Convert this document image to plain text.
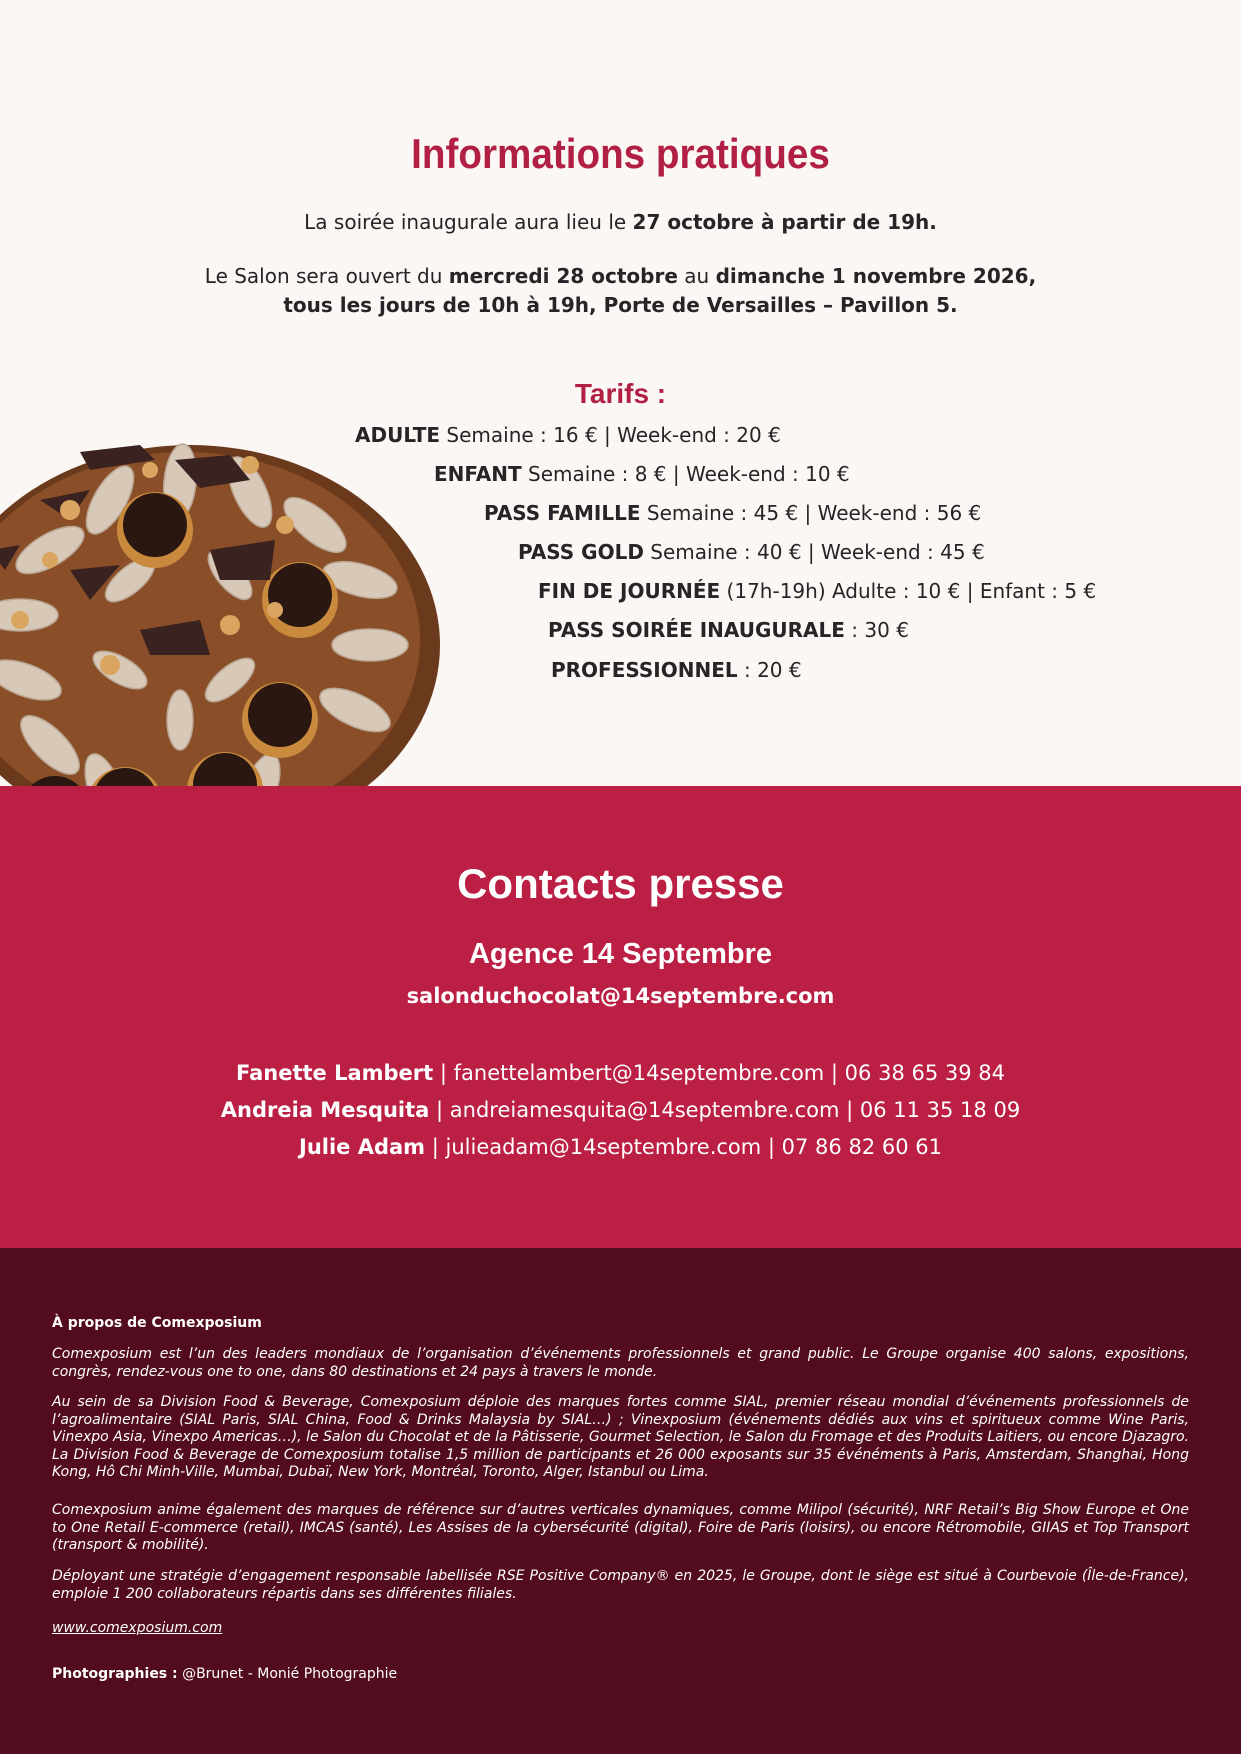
Informations pratiques
La soirée inaugurale aura lieu le 27 octobre à partir de 19h.
Le Salon sera ouvert du mercredi 28 octobre au dimanche 1 novembre 2026,
tous les jours de 10h à 19h, Porte de Versailles – Pavillon 5.
Tarifs :
ADULTE Semaine : 16 € | Week-end : 20 €
ENFANT Semaine : 8 € | Week-end : 10 €
PASS FAMILLE Semaine : 45 € | Week-end : 56 €
PASS GOLD Semaine : 40 € | Week-end : 45 €
FIN DE JOURNÉE (17h-19h) Adulte : 10 € | Enfant : 5 €
PASS SOIRÉE INAUGURALE : 30 €
PROFESSIONNEL : 20 €
Contacts presse
Agence 14 Septembre
salonduchocolat@14septembre.com
Fanette Lambert | fanettelambert@14septembre.com | 06 38 65 39 84
Andreia Mesquita | andreiamesquita@14septembre.com | 06 11 35 18 09
Julie Adam | julieadam@14septembre.com | 07 86 82 60 61
À propos de Comexposium

Comexposium est l’un des leaders mondiaux de l’organisation d’événements professionnels et grand public. Le Groupe organise 400 salons, expositions, congrès, rendez-vous one to one, dans 80 destinations et 24 pays à travers le monde.

Au sein de sa Division Food & Beverage, Comexposium déploie des marques fortes comme SIAL, premier réseau mondial d’événements professionnels de l’agroalimentaire (SIAL Paris, SIAL China, Food & Drinks Malaysia by SIAL…) ; Vinexposium (événements dédiés aux vins et spiritueux comme Wine Paris, Vinexpo Asia, Vinexpo Americas…), le Salon du Chocolat et de la Pâtisserie, Gourmet Selection, le Salon du Fromage et des Produits Laitiers, ou encore Djazagro. La Division Food & Beverage de Comexposium totalise 1,5 million de participants et 26 000 exposants sur 35 événéments à Paris, Amsterdam, Shanghai, Hong Kong, Hô Chi Minh-Ville, Mumbai, Dubaï, New York, Montréal, Toronto, Alger, Istanbul ou Lima.

Comexposium anime également des marques de référence sur d’autres verticales dynamiques, comme Milipol (sécurité), NRF Retail’s Big Show Europe et One to One Retail E-commerce (retail), IMCAS (santé), Les Assises de la cybersécurité (digital), Foire de Paris (loisirs), ou encore Rétromobile, GIIAS et Top Transport (transport & mobilité).

Déployant une stratégie d’engagement responsable labellisée RSE Positive Company® en 2025, le Groupe, dont le siège est situé à Courbevoie (Île-de-France), emploie 1 200 collaborateurs répartis dans ses différentes filiales.

www.comexposium.com
Photographies : @Brunet - Monié Photographie
